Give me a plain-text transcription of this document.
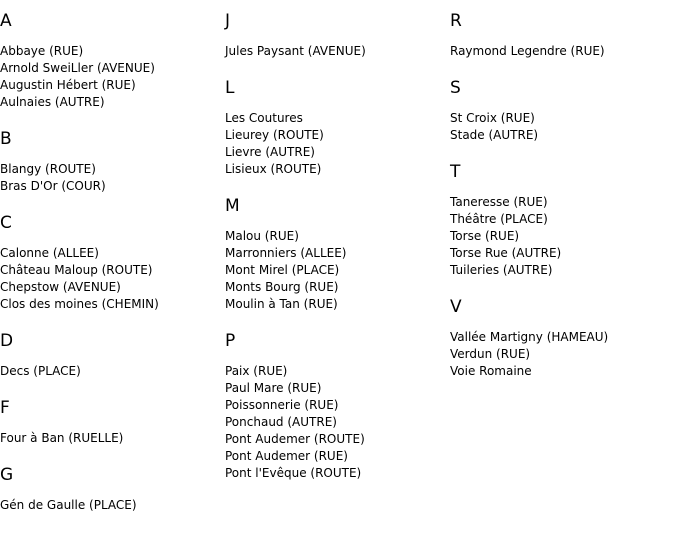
A
Abbaye (RUE)
Arnold SweiLler (AVENUE)
Augustin Hébert (RUE)
Aulnaies (AUTRE)
B
Blangy (ROUTE)
Bras D'Or (COUR)
C
Calonne (ALLEE)
Château Maloup (ROUTE)
Chepstow (AVENUE)
Clos des moines (CHEMIN)
D
Decs (PLACE)
F
Four à Ban (RUELLE)
G
Gén de Gaulle (PLACE)
J
Jules Paysant (AVENUE)
L
Les Coutures
Lieurey (ROUTE)
Lievre (AUTRE)
Lisieux (ROUTE)
M
Malou (RUE)
Marronniers (ALLEE)
Mont Mirel (PLACE)
Monts Bourg (RUE)
Moulin à Tan (RUE)
P
Paix (RUE)
Paul Mare (RUE)
Poissonnerie (RUE)
Ponchaud (AUTRE)
Pont Audemer (ROUTE)
Pont Audemer (RUE)
Pont l'Evêque (ROUTE)
R
Raymond Legendre (RUE)
S
St Croix (RUE)
Stade (AUTRE)
T
Taneresse (RUE)
Théâtre (PLACE)
Torse (RUE)
Torse Rue (AUTRE)
Tuileries (AUTRE)
V
Vallée Martigny (HAMEAU)
Verdun (RUE)
Voie Romaine
